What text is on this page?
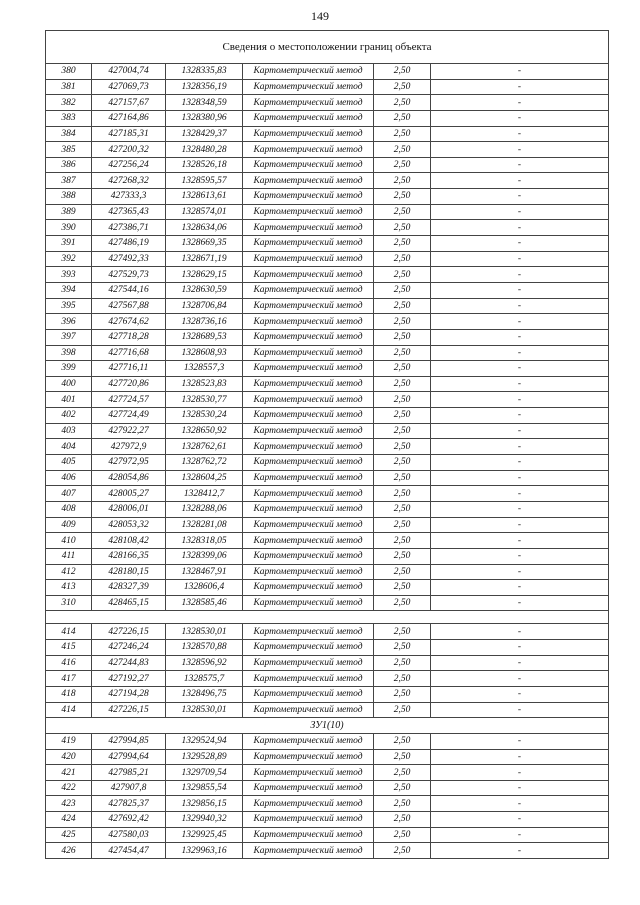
149
Сведения о местоположении границ объекта					
380	427004,74	1328335,83	Картометрический метод	2,50	-
381	427069,73	1328356,19	Картометрический метод	2,50	-
382	427157,67	1328348,59	Картометрический метод	2,50	-
383	427164,86	1328380,96	Картометрический метод	2,50	-
384	427185,31	1328429,37	Картометрический метод	2,50	-
385	427200,32	1328480,28	Картометрический метод	2,50	-
386	427256,24	1328526,18	Картометрический метод	2,50	-
387	427268,32	1328595,57	Картометрический метод	2,50	-
388	427333,3	1328613,61	Картометрический метод	2,50	-
389	427365,43	1328574,01	Картометрический метод	2,50	-
390	427386,71	1328634,06	Картометрический метод	2,50	-
391	427486,19	1328669,35	Картометрический метод	2,50	-
392	427492,33	1328671,19	Картометрический метод	2,50	-
393	427529,73	1328629,15	Картометрический метод	2,50	-
394	427544,16	1328630,59	Картометрический метод	2,50	-
395	427567,88	1328706,84	Картометрический метод	2,50	-
396	427674,62	1328736,16	Картометрический метод	2,50	-
397	427718,28	1328689,53	Картометрический метод	2,50	-
398	427716,68	1328608,93	Картометрический метод	2,50	-
399	427716,11	1328557,3	Картометрический метод	2,50	-
400	427720,86	1328523,83	Картометрический метод	2,50	-
401	427724,57	1328530,77	Картометрический метод	2,50	-
402	427724,49	1328530,24	Картометрический метод	2,50	-
403	427922,27	1328650,92	Картометрический метод	2,50	-
404	427972,9	1328762,61	Картометрический метод	2,50	-
405	427972,95	1328762,72	Картометрический метод	2,50	-
406	428054,86	1328604,25	Картометрический метод	2,50	-
407	428005,27	1328412,7	Картометрический метод	2,50	-
408	428006,01	1328288,06	Картометрический метод	2,50	-
409	428053,32	1328281,08	Картометрический метод	2,50	-
410	428108,42	1328318,05	Картометрический метод	2,50	-
411	428166,35	1328399,06	Картометрический метод	2,50	-
412	428180,15	1328467,91	Картометрический метод	2,50	-
413	428327,39	1328606,4	Картометрический метод	2,50	-
310	428465,15	1328585,46	Картометрический метод	2,50	-

414	427226,15	1328530,01	Картометрический метод	2,50	-
415	427246,24	1328570,88	Картометрический метод	2,50	-
416	427244,83	1328596,92	Картометрический метод	2,50	-
417	427192,27	1328575,7	Картометрический метод	2,50	-
418	427194,28	1328496,75	Картометрический метод	2,50	-
414	427226,15	1328530,01	Картометрический метод	2,50	-
ЗУ1(10)					
419	427994,85	1329524,94	Картометрический метод	2,50	-
420	427994,64	1329528,89	Картометрический метод	2,50	-
421	427985,21	1329709,54	Картометрический метод	2,50	-
422	427907,8	1329855,54	Картометрический метод	2,50	-
423	427825,37	1329856,15	Картометрический метод	2,50	-
424	427692,42	1329940,32	Картометрический метод	2,50	-
425	427580,03	1329925,45	Картометрический метод	2,50	-
426	427454,47	1329963,16	Картометрический метод	2,50	-
